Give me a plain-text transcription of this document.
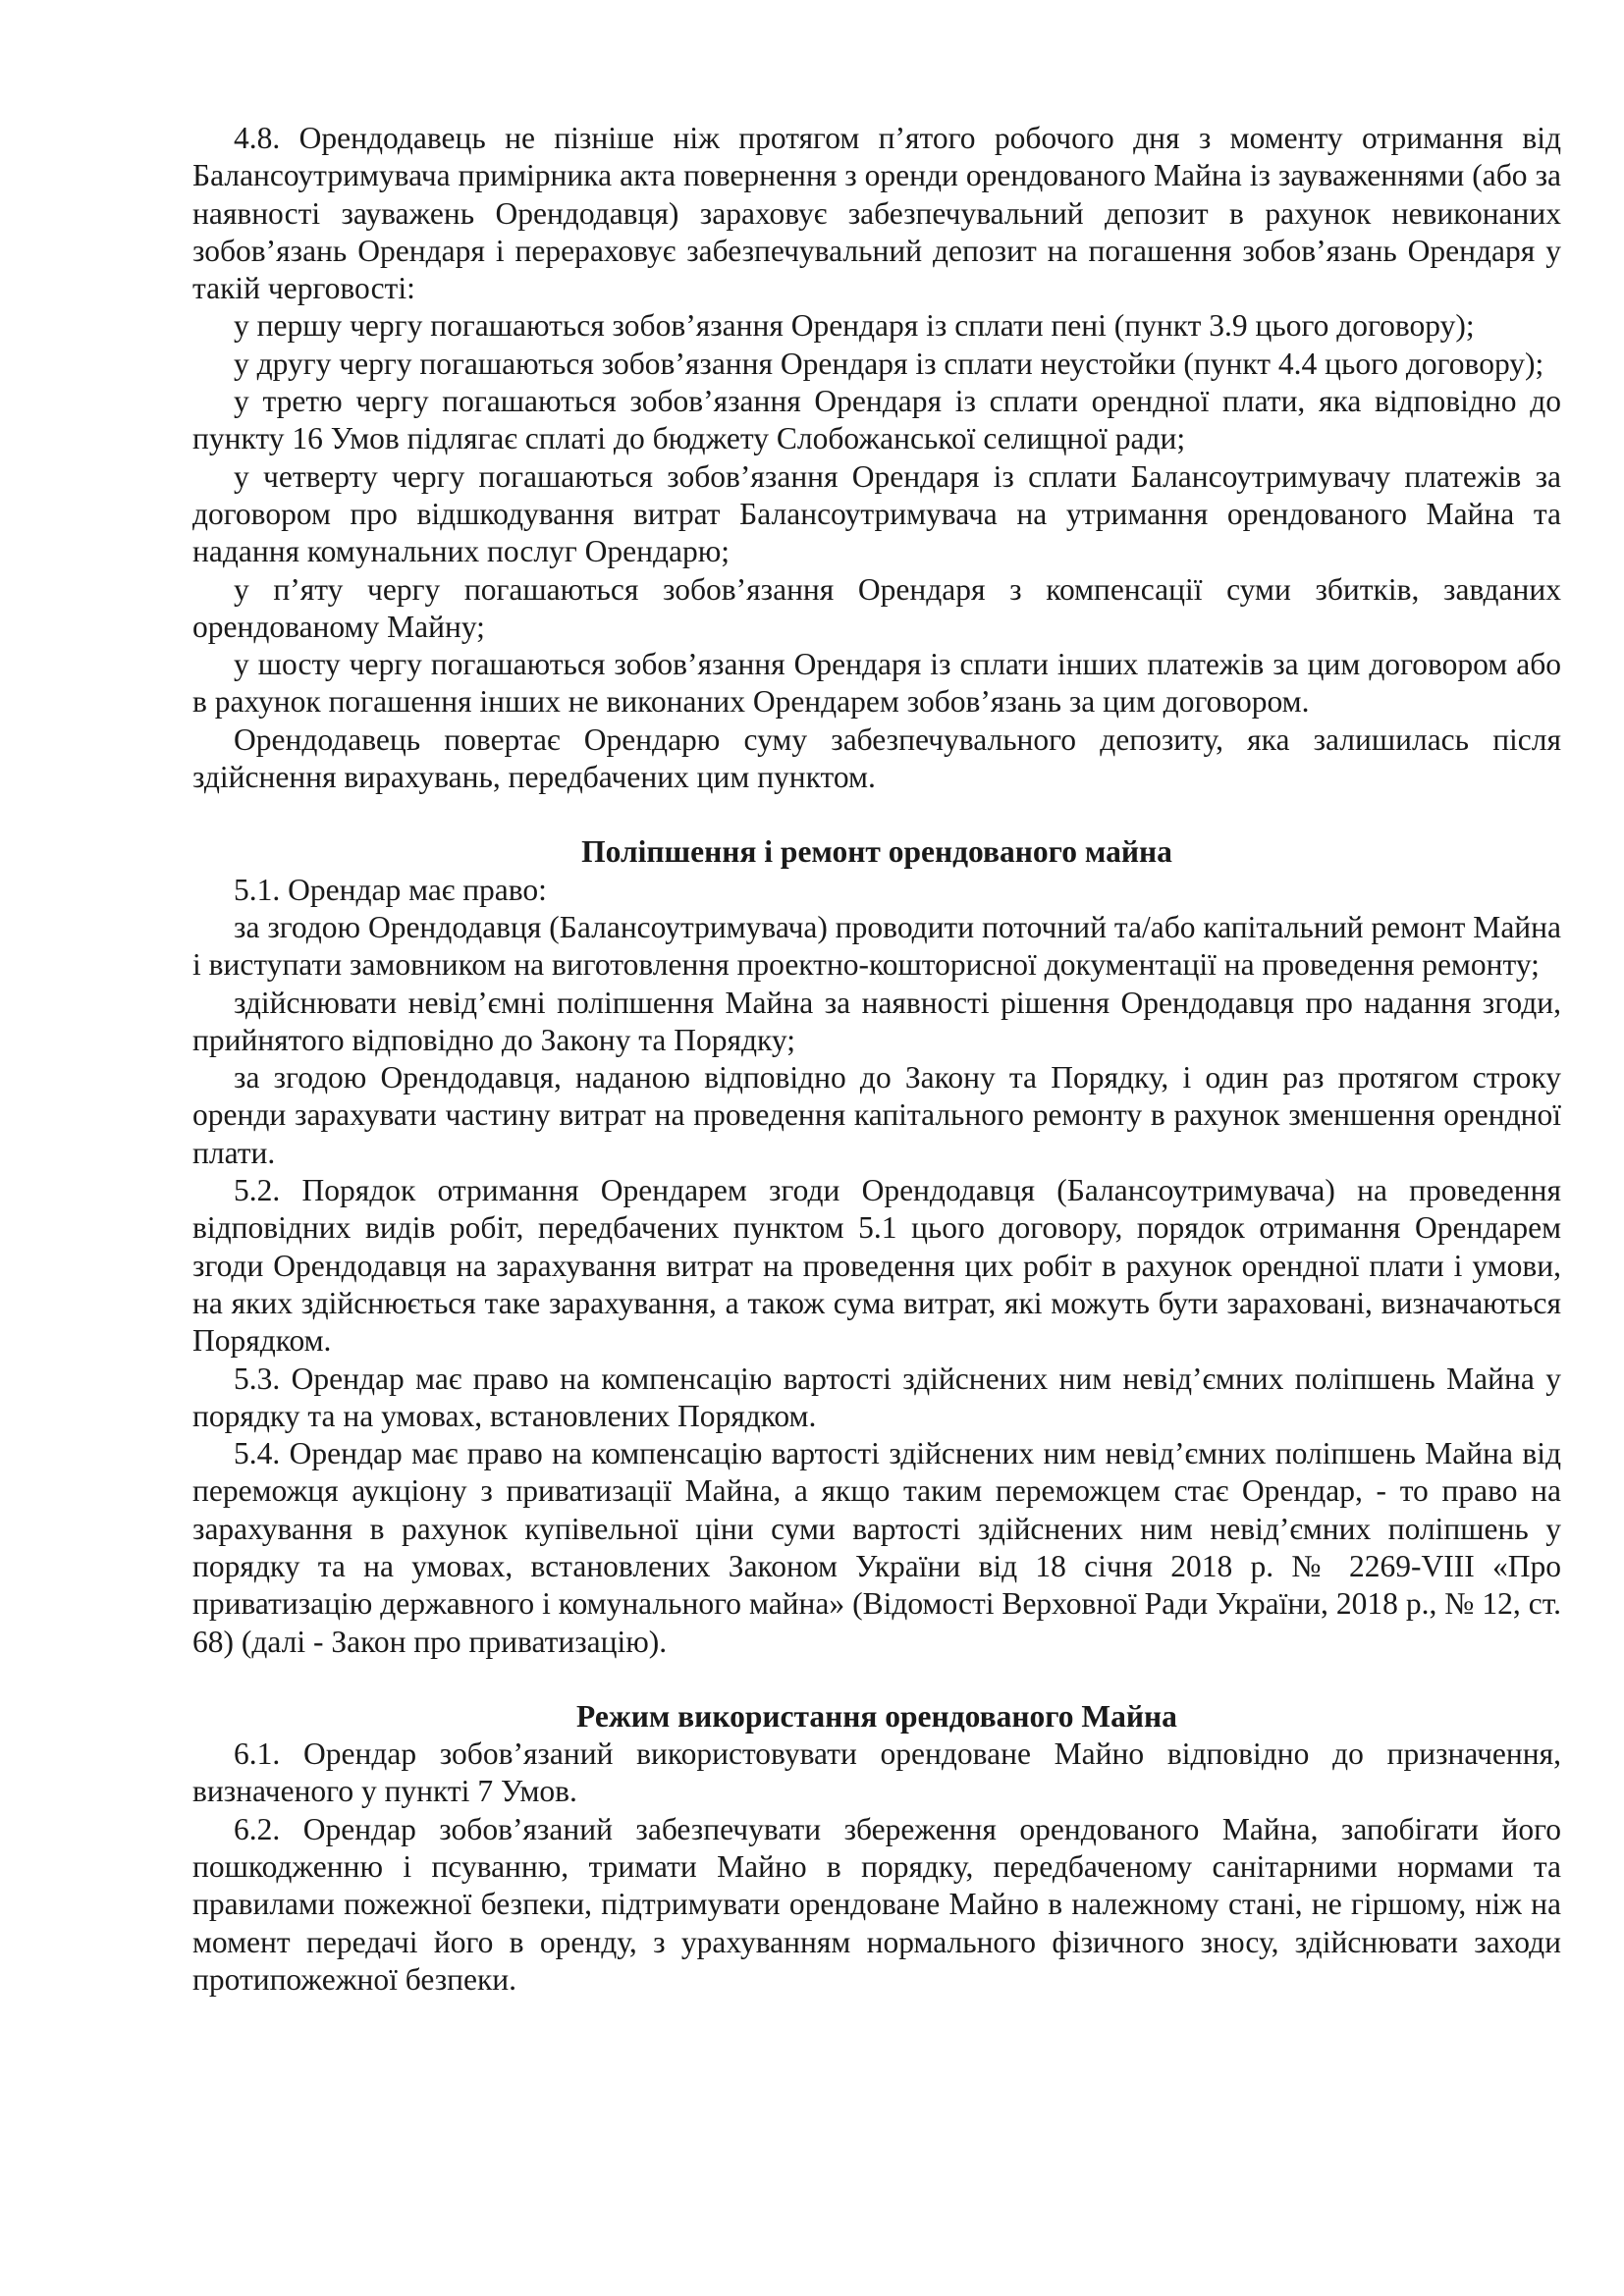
4.8. Орендодавець не пізніше ніж протягом п’ятого робочого дня з моменту отримання від Балансоутримувача примірника акта повернення з оренди орендованого Майна із зауваженнями (або за наявності зауважень Орендодавця) зараховує забезпечувальний депозит в рахунок невиконаних зобов’язань Орендаря і перераховує забезпечувальний депозит на погашення зобов’язань Орендаря у такій черговості:

у першу чергу погашаються зобов’язання Орендаря із сплати пені (пункт 3.9 цього договору);

у другу чергу погашаються зобов’язання Орендаря із сплати неустойки (пункт 4.4 цього договору);

у третю чергу погашаються зобов’язання Орендаря із сплати орендної плати, яка відповідно до пункту 16 Умов підлягає сплаті до бюджету Слобожанської селищної ради;

у четверту чергу погашаються зобов’язання Орендаря із сплати Балансоутримувачу платежів за договором про відшкодування витрат Балансоутримувача на утримання орендованого Майна та надання комунальних послуг Орендарю;

у п’яту чергу погашаються зобов’язання Орендаря з компенсації суми збитків, завданих орендованому Майну;

у шосту чергу погашаються зобов’язання Орендаря із сплати інших платежів за цим договором або в рахунок погашення інших не виконаних Орендарем зобов’язань за цим договором.

Орендодавець повертає Орендарю суму забезпечувального депозиту, яка залишилась після здійснення вирахувань, передбачених цим пунктом.

Поліпшення і ремонт орендованого майна

5.1. Орендар має право:

за згодою Орендодавця (Балансоутримувача) проводити поточний та/або капітальний ремонт Майна і виступати замовником на виготовлення проектно-кошторисної документації на проведення ремонту;

здійснювати невід’ємні поліпшення Майна за наявності рішення Орендодавця про надання згоди, прийнятого відповідно до Закону та Порядку;

за згодою Орендодавця, наданою відповідно до Закону та Порядку, і один раз протягом строку оренди зарахувати частину витрат на проведення капітального ремонту в рахунок зменшення орендної плати.

5.2. Порядок отримання Орендарем згоди Орендодавця (Балансоутримувача) на проведення відповідних видів робіт, передбачених пунктом 5.1 цього договору, порядок отримання Орендарем згоди Орендодавця на зарахування витрат на проведення цих робіт в рахунок орендної плати і умови, на яких здійснюється таке зарахування, а також сума витрат, які можуть бути зараховані, визначаються Порядком.

5.3. Орендар має право на компенсацію вартості здійснених ним невід’ємних поліпшень Майна у порядку та на умовах, встановлених Порядком.

5.4. Орендар має право на компенсацію вартості здійснених ним невід’ємних поліпшень Майна від переможця аукціону з приватизації Майна, а якщо таким переможцем стає Орендар, - то право на зарахування в рахунок купівельної ціни суми вартості здійснених ним невід’ємних поліпшень у порядку та на умовах, встановлених Законом України від 18 січня 2018 р. № 2269-VIII «Про приватизацію державного і комунального майна» (Відомості Верховної Ради України, 2018 р., № 12, ст. 68) (далі - Закон про приватизацію).

Режим використання орендованого Майна

6.1. Орендар зобов’язаний використовувати орендоване Майно відповідно до призначення, визначеного у пункті 7 Умов.

6.2. Орендар зобов’язаний забезпечувати збереження орендованого Майна, запобігати його пошкодженню і псуванню, тримати Майно в порядку, передбаченому санітарними нормами та правилами пожежної безпеки, підтримувати орендоване Майно в належному стані, не гіршому, ніж на момент передачі його в оренду, з урахуванням нормального фізичного зносу, здійснювати заходи протипожежної безпеки.
